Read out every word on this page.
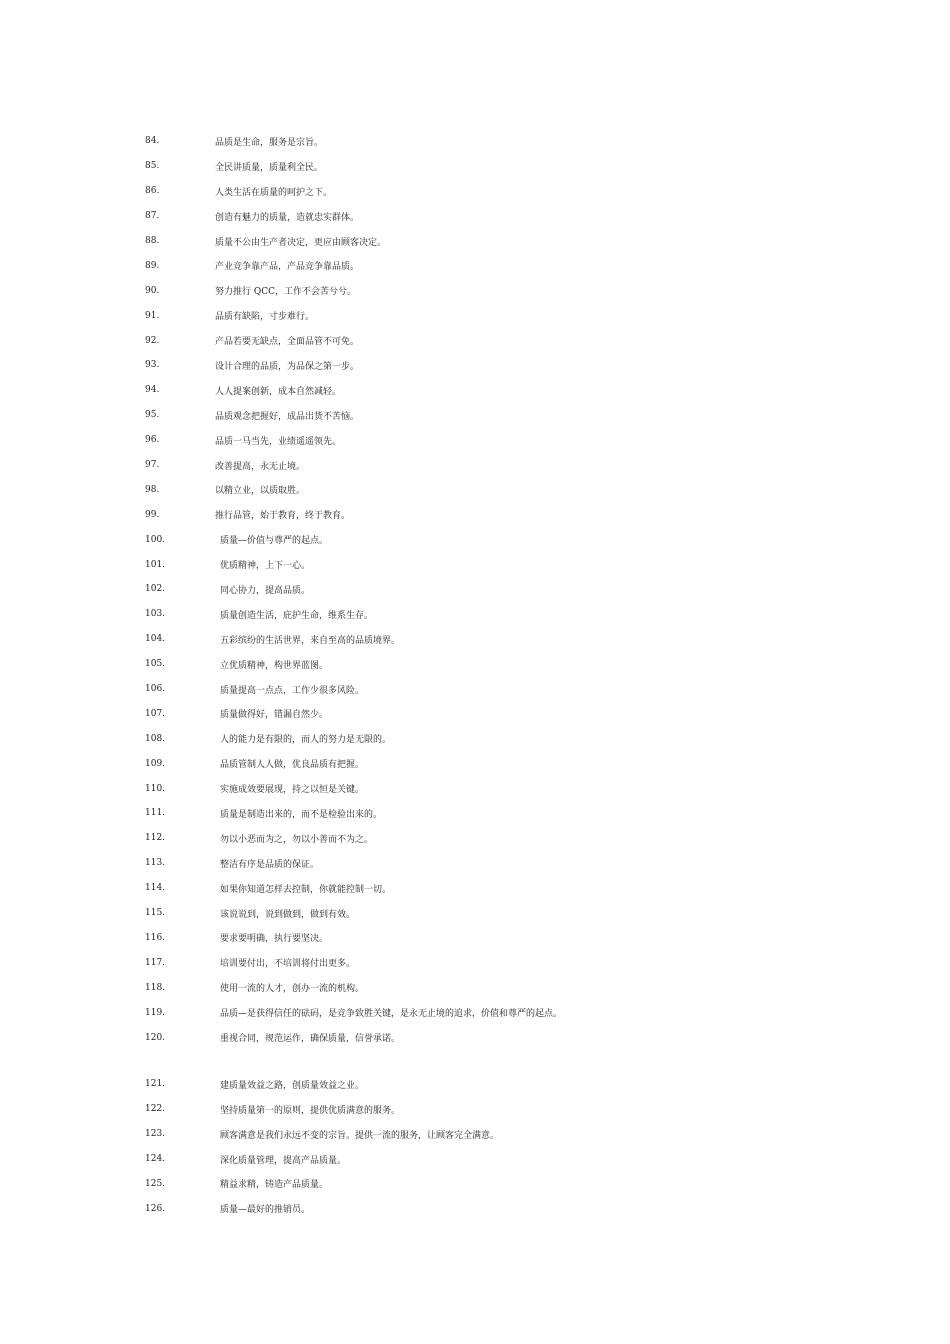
84.	品质是生命，服务是宗旨。
85.	全民讲质量，质量利全民。
86.	人类生活在质量的呵护之下。
87.	创造有魅力的质量，造就忠实群体。
88.	质量不公由生产者决定，更应由顾客决定。
89.	产业竞争靠产品，产品竞争靠品质。
90.	努力推行 QCC，工作不会苦兮兮。
91.	品质有缺陷，寸步难行。
92.	产品若要无缺点，全面品管不可免。
93.	设计合理的品质，为品保之第一步。
94.	人人提案创新，成本自然减轻。
95.	品质观念把握好，成品出货不苦恼。
96.	品质一马当先，业绩遥遥领先。
97.	改善提高，永无止境。
98.	以精立业，以质取胜。
99.	推行品管，始于教育，终于教育。
100.	质量—价值与尊严的起点。
101.	优质精神，上下一心。
102.	同心协力，提高品质。
103.	质量创造生活，庇护生命，维系生存。
104.	五彩缤纷的生活世界，来自至高的品质境界。
105.	立优质精神，构世界蓝图。
106.	质量提高一点点，工作少很多风险。
107.	质量做得好，错漏自然少。
108.	人的能力是有限的，而人的努力是无限的。
109.	品质管制人人做，优良品质有把握。
110.	实施成效要展现，持之以恒是关键。
111.	质量是制造出来的，而不是检验出来的。
112.	勿以小恶而为之，勿以小善而不为之。
113.	整洁有序是品质的保证。
114.	如果你知道怎样去控制，你就能控制一切。
115.	该说说到，说到做到，做到有效。
116.	要求要明确，执行要坚决。
117.	培训要付出，不培训将付出更多。
118.	使用一流的人才，创办一流的机构。
119.	品质—是获得信任的砝码，是竞争致胜关键，是永无止境的追求，价值和尊严的起点。
120.	重视合同，规范运作，确保质量，信誉承诺。
121.	建质量效益之路，创质量效益之业。
122.	坚持质量第一的原则，提供优质满意的服务。
123.	顾客满意是我们永远不变的宗旨。提供一流的服务，让顾客完全满意。
124.	深化质量管理，提高产品质量。
125.	精益求精，铸造产品质量。
126.	质量—最好的推销员。
